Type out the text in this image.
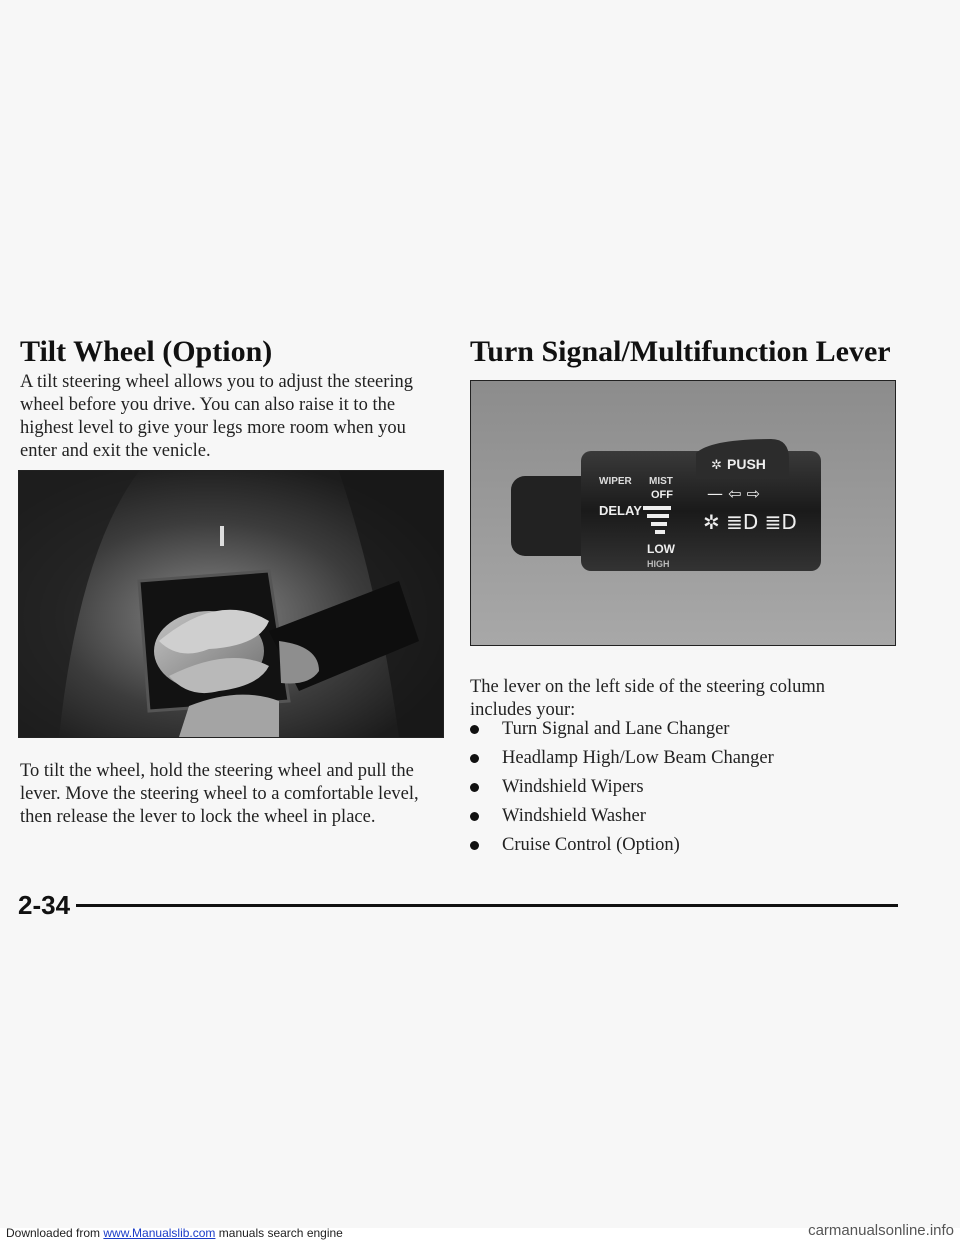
Tilt Wheel (Option)

A tilt steering wheel allows you to adjust the steering wheel before you drive. You can also raise it to the highest level to give your legs more room when you enter and exit the venicle.

To tilt the wheel, hold the steering wheel and pull the lever. Move the steering wheel to a comfortable level, then release the lever to lock the wheel in place.

Turn Signal/Multifunction Lever
✲ PUSH
WIPER MIST
OFF
DELAY
LOW
HIGH
— ⇦ ⇨
✲ ≣D ≣D

The lever on the left side of the steering column includes your:

Turn Signal and Lane Changer
Headlamp High/Low Beam Changer
Windshield Wipers
Windshield Washer
Cruise Control (Option)
2-34
Downloaded from www.Manualslib.com manuals search engine	carmanualsonline.info
